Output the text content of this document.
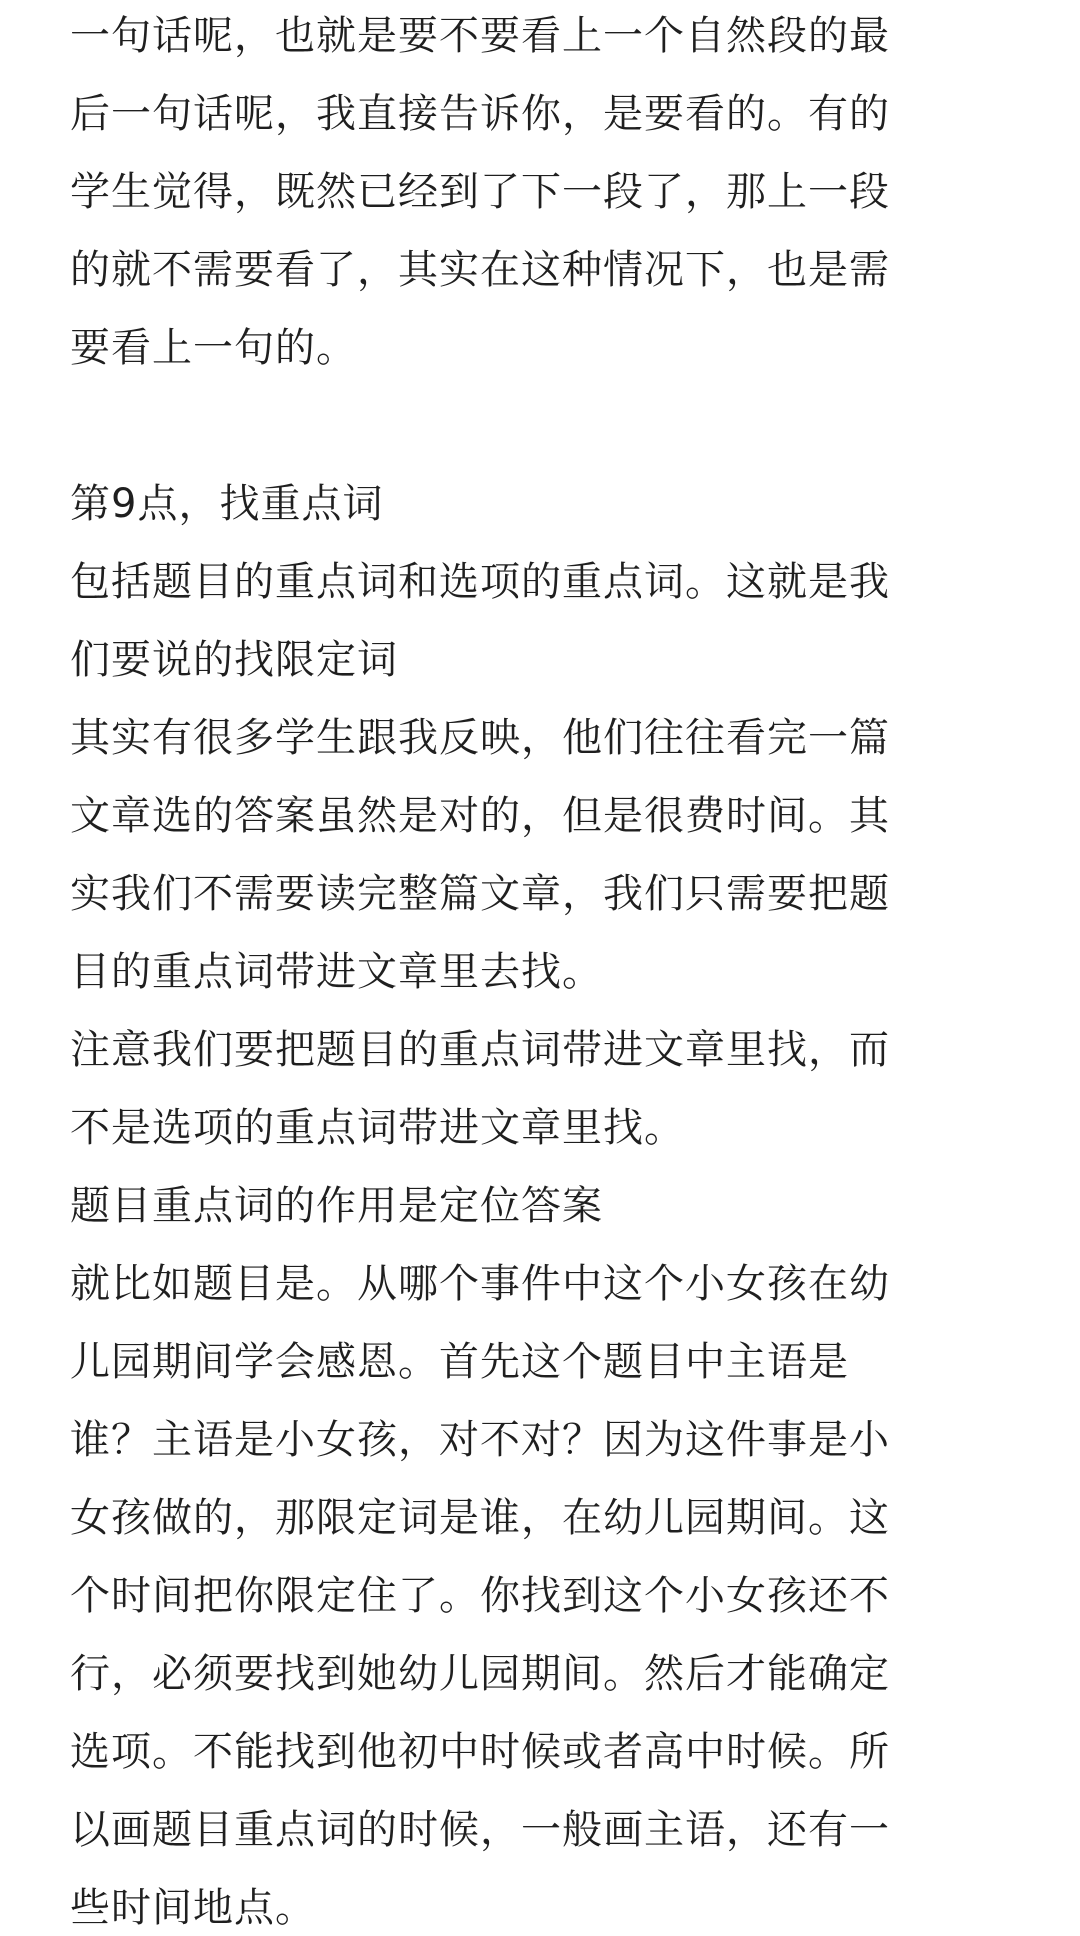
一句话呢，也就是要不要看上一个自然段的最
后一句话呢，我直接告诉你，是要看的。有的
学生觉得，既然已经到了下一段了，那上一段
的就不需要看了，其实在这种情况下，也是需
要看上一句的。
第9点，找重点词
包括题目的重点词和选项的重点词。这就是我
们要说的找限定词
其实有很多学生跟我反映，他们往往看完一篇
文章选的答案虽然是对的，但是很费时间。其
实我们不需要读完整篇文章，我们只需要把题
目的重点词带进文章里去找。
注意我们要把题目的重点词带进文章里找，而
不是选项的重点词带进文章里找。
题目重点词的作用是定位答案
就比如题目是。从哪个事件中这个小女孩在幼
儿园期间学会感恩。首先这个题目中主语是
谁？主语是小女孩，对不对？因为这件事是小
女孩做的，那限定词是谁，在幼儿园期间。这
个时间把你限定住了。你找到这个小女孩还不
行，必须要找到她幼儿园期间。然后才能确定
选项。不能找到他初中时候或者高中时候。所
以画题目重点词的时候，一般画主语，还有一
些时间地点。
